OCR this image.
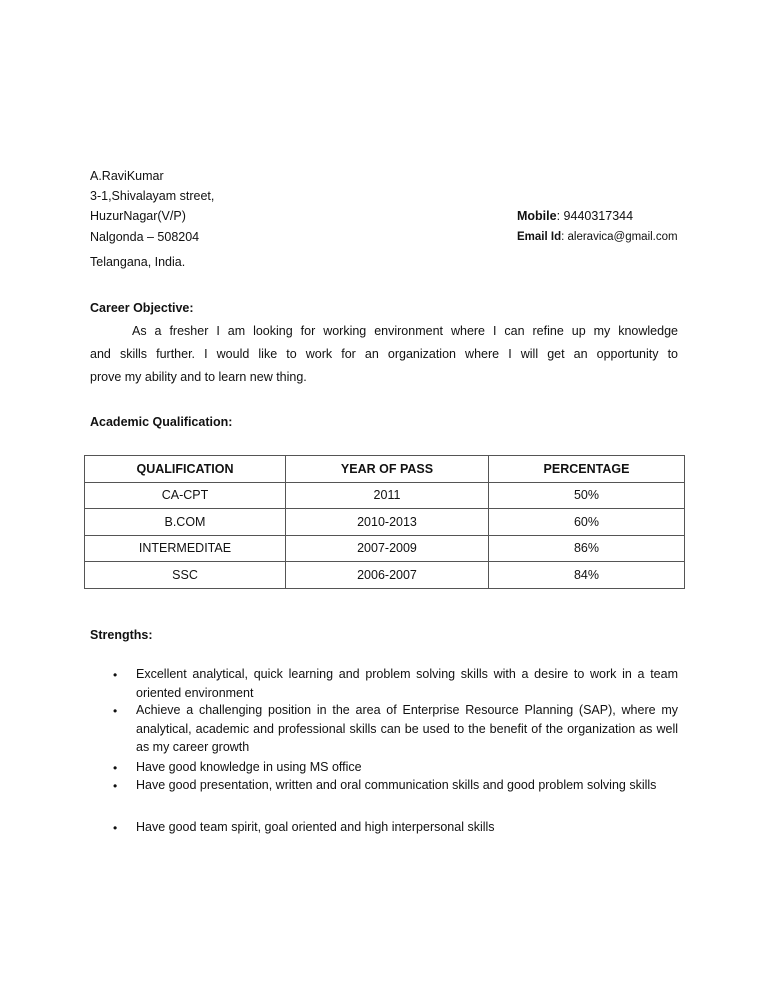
A.RaviKumar
3-1,Shivalayam street,
HuzurNagar(V/P)
Nalgonda – 508204
Telangana, India.
Mobile: 9440317344
Email Id: aleravica@gmail.com
Career Objective:
As a fresher I am looking for working environment where I can refine up my knowledge
and skills further. I would like to work for an organization where I will get an opportunity to
prove my ability and to learn new thing.
Academic Qualification:
QUALIFICATION	YEAR OF PASS	PERCENTAGE
CA-CPT	2011	50%
B.COM	2010-2013	60%
INTERMEDITAE	2007-2009	86%
SSC	2006-2007	84%
Strengths:
•	Excellent analytical, quick learning and problem solving skills with a desire to work in a team oriented environment
•	Achieve a challenging position in the area of Enterprise Resource Planning (SAP), where my analytical, academic and professional skills can be used to the benefit of the organization as well as my career growth
•	Have good knowledge in using MS office
•	Have good presentation, written and oral communication skills and good problem solving skills
•	Have good team spirit, goal oriented and high interpersonal skills
